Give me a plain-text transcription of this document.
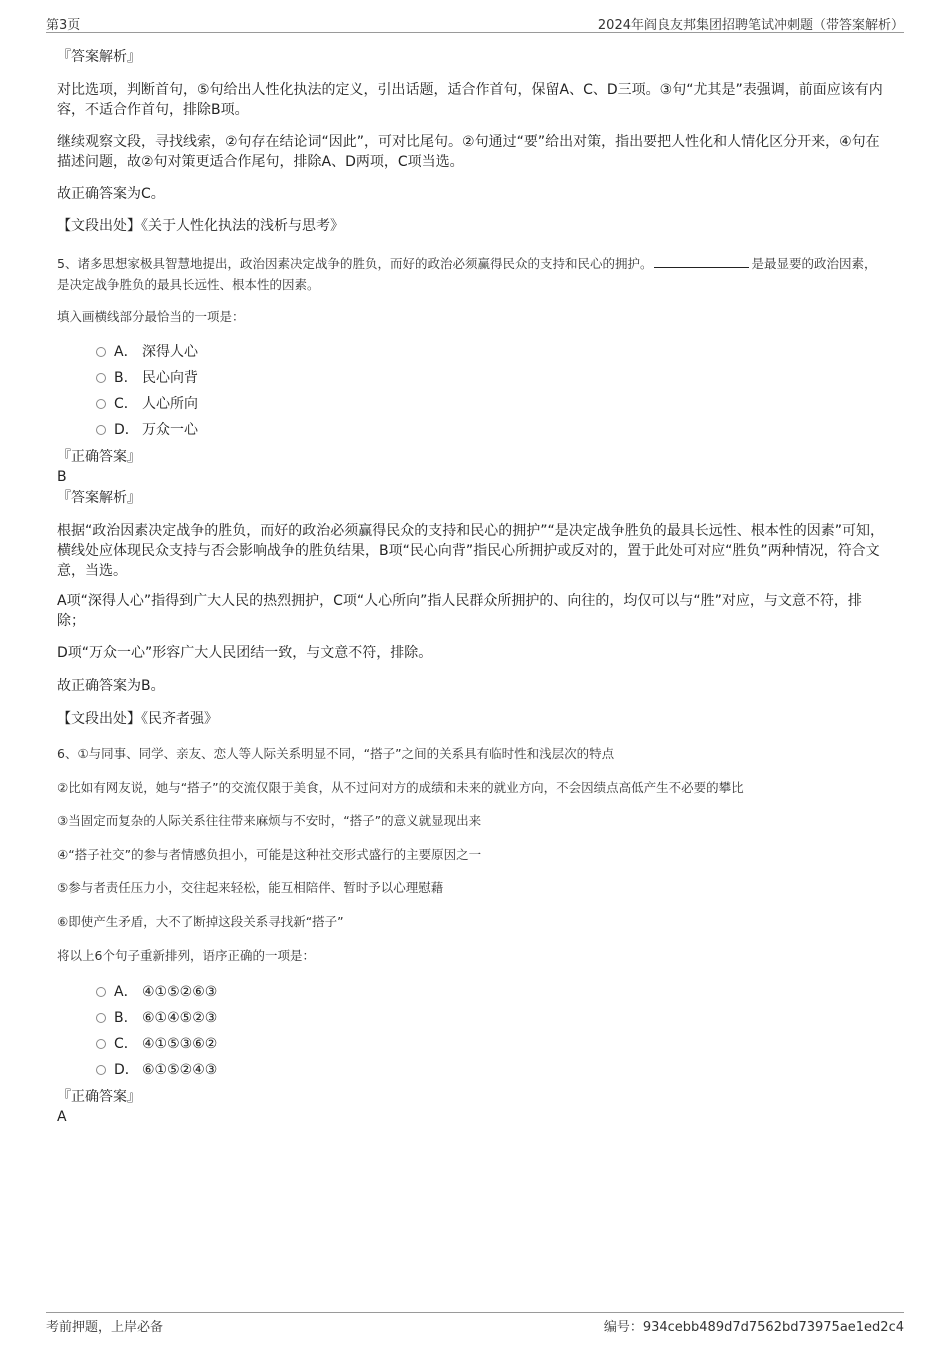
第3页	2024年阎良友邦集团招聘笔试冲刺题（带答案解析）
『答案解析』
对比选项，判断首句，⑤句给出人性化执法的定义，引出话题，适合作首句，保留A、C、D三项。③句“尤其是”表强调，前面应该有内容，不适合作首句，排除B项。
继续观察文段，寻找线索，②句存在结论词“因此”，可对比尾句。②句通过“要”给出对策，指出要把人性化和人情化区分开来，④句在描述问题，故②句对策更适合作尾句，排除A、D两项，C项当选。
故正确答案为C。
【文段出处】《关于人性化执法的浅析与思考》
5、诸多思想家极具智慧地提出，政治因素决定战争的胜负，而好的政治必须赢得民众的支持和民心的拥护。	是最显要的政治因素，是决定战争胜负的最具长远性、根本性的因素。
填入画横线部分最恰当的一项是：
A． 深得人心
B. 民心向背
C． 人心所向
D． 万众一心
『正确答案』
B
『答案解析』
根据“政治因素决定战争的胜负，而好的政治必须赢得民众的支持和民心的拥护”“是决定战争胜负的最具长远性、根本性的因素”可知，横线处应体现民众支持与否会影响战争的胜负结果，B项“民心向背”指民心所拥护或反对的，置于此处可对应“胜负”两种情况，符合文意，当选。
A项“深得人心”指得到广大人民的热烈拥护，C项“人心所向”指人民群众所拥护的、向往的，均仅可以与“胜”对应，与文意不符，排除；
D项“万众一心”形容广大人民团结一致，与文意不符，排除。
故正确答案为B。
【文段出处】《民齐者强》
6、①与同事、同学、亲友、恋人等人际关系明显不同，“搭子”之间的关系具有临时性和浅层次的特点
②比如有网友说，她与“搭子”的交流仅限于美食，从不过问对方的成绩和未来的就业方向，不会因绩点高低产生不必要的攀比
③当固定而复杂的人际关系往往带来麻烦与不安时，“搭子”的意义就显现出来
④“搭子社交”的参与者情感负担小，可能是这种社交形式盛行的主要原因之一
⑤参与者责任压力小，交往起来轻松，能互相陪伴、暂时予以心理慰藉
⑥即使产生矛盾，大不了断掉这段关系寻找新“搭子”
将以上6个句子重新排列，语序正确的一项是：
A． ④①⑤②⑥③
B. ⑥①④⑤②③
C． ④①⑤③⑥②
D． ⑥①⑤②④③
『正确答案』
A
考前押题，上岸必备	编号：934cebb489d7d7562bd73975ae1ed2c4
